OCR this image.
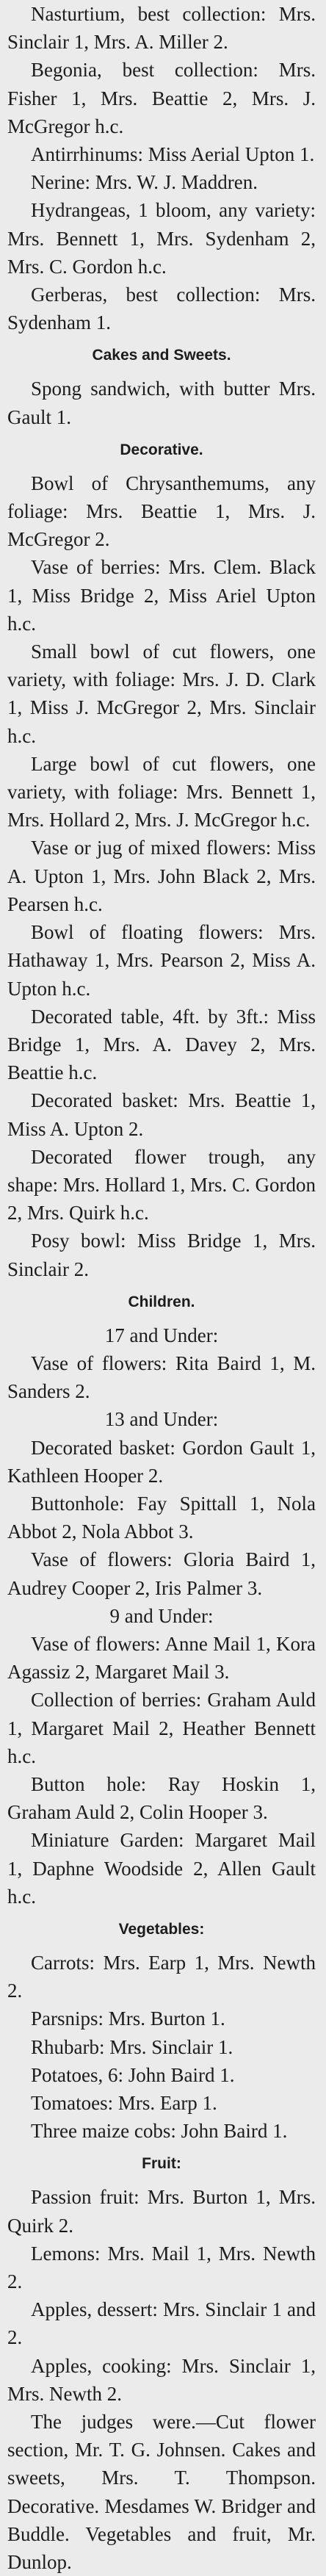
Nasturtium, best collection: Mrs. Sinclair 1, Mrs. A. Miller 2.

Begonia, best collection: Mrs. Fisher 1, Mrs. Beattie 2, Mrs. J. McGregor h.c.

Antirrhinums: Miss Aerial Upton 1.

Nerine: Mrs. W. J. Maddren.

Hydrangeas, 1 bloom, any variety: Mrs. Bennett 1, Mrs. Sydenham 2, Mrs. C. Gordon h.c.

Gerberas, best collection: Mrs. Sydenham 1.

Cakes and Sweets.

Spong sandwich, with butter Mrs. Gault 1.

Decorative.

Bowl of Chrysanthemums, any foliage: Mrs. Beattie 1, Mrs. J. McGregor 2.

Vase of berries: Mrs. Clem. Black 1, Miss Bridge 2, Miss Ariel Upton h.c.

Small bowl of cut flowers, one variety, with foliage: Mrs. J. D. Clark 1, Miss J. McGregor 2, Mrs. Sinclair h.c.

Large bowl of cut flowers, one variety, with foliage: Mrs. Bennett 1, Mrs. Hollard 2, Mrs. J. McGregor h.c.

Vase or jug of mixed flowers: Miss A. Upton 1, Mrs. John Black 2, Mrs. Pearsen h.c.

Bowl of floating flowers: Mrs. Hathaway 1, Mrs. Pearson 2, Miss A. Upton h.c.

Decorated table, 4ft. by 3ft.: Miss Bridge 1, Mrs. A. Davey 2, Mrs. Beattie h.c.

Decorated basket: Mrs. Beattie 1, Miss A. Upton 2.

Decorated flower trough, any shape: Mrs. Hollard 1, Mrs. C. Gordon 2, Mrs. Quirk h.c.

Posy bowl: Miss Bridge 1, Mrs. Sinclair 2.

Children.

17 and Under:

Vase of flowers: Rita Baird 1, M. Sanders 2.

13 and Under:

Decorated basket: Gordon Gault 1, Kathleen Hooper 2.

Buttonhole: Fay Spittall 1, Nola Abbot 2, Nola Abbot 3.

Vase of flowers: Gloria Baird 1, Audrey Cooper 2, Iris Palmer 3.

9 and Under:

Vase of flowers: Anne Mail 1, Kora Agassiz 2, Margaret Mail 3.

Collection of berries: Graham Auld 1, Margaret Mail 2, Heather Bennett h.c.

Button hole: Ray Hoskin 1, Graham Auld 2, Colin Hooper 3.

Miniature Garden: Margaret Mail 1, Daphne Woodside 2, Allen Gault h.c.

Vegetables:

Carrots: Mrs. Earp 1, Mrs. Newth 2.

Parsnips: Mrs. Burton 1.

Rhubarb: Mrs. Sinclair 1.

Potatoes, 6: John Baird 1.

Tomatoes: Mrs. Earp 1.

Three maize cobs: John Baird 1.

Fruit:

Passion fruit: Mrs. Burton 1, Mrs. Quirk 2.

Lemons: Mrs. Mail 1, Mrs. Newth 2.

Apples, dessert: Mrs. Sinclair 1 and 2.

Apples, cooking: Mrs. Sinclair 1, Mrs. Newth 2.

The judges were.—Cut flower section, Mr. T. G. Johnsen. Cakes and sweets, Mrs. T. Thompson. Decorative. Mesdames W. Bridger and Buddle. Vegetables and fruit, Mr. Dunlop.
